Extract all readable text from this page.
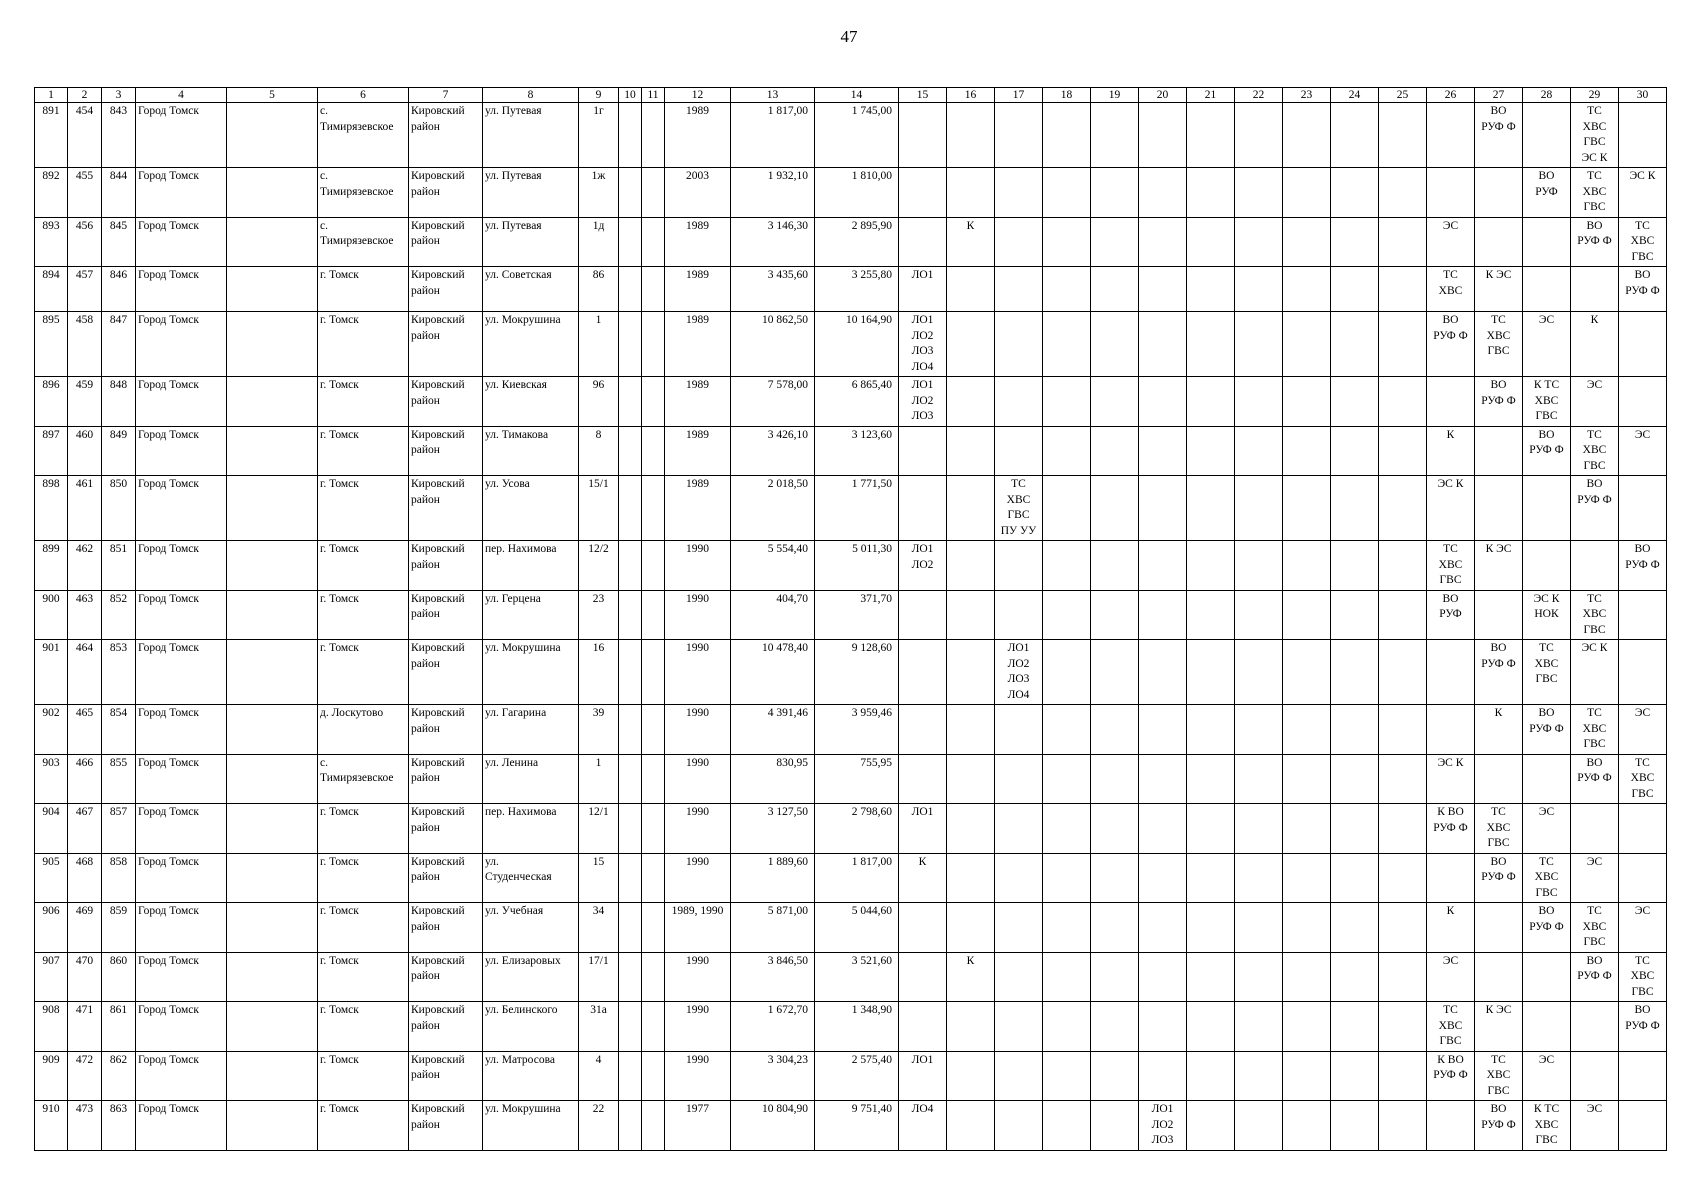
47
1	2	3	4	5	6	7	8	9	10	11	12	13	14	15	16	17	18	19	20	21	22	23	24	25	26	27	28	29	30
891	454	843	Город Томск		с.
Тимирязевское	Кировский
район	ул. Путевая	1г			1989	1 817,00	1 745,00													ВО
РУФ Ф		ТС
ХВС
ГВС
ЭС К	
892	455	844	Город Томск		с.
Тимирязевское	Кировский
район	ул. Путевая	1ж			2003	1 932,10	1 810,00														ВО
РУФ	ТС
ХВС
ГВС	ЭС К
893	456	845	Город Томск		с.
Тимирязевское	Кировский
район	ул. Путевая	1д			1989	3 146,30	2 895,90		К										ЭС			ВО
РУФ Ф	ТС
ХВС
ГВС
894	457	846	Город Томск		г. Томск	Кировский
район	ул. Советская	86			1989	3 435,60	3 255,80	ЛО1											ТС
ХВС	К ЭС			ВО
РУФ Ф
895	458	847	Город Томск		г. Томск	Кировский
район	ул. Мокрушина	1			1989	10 862,50	10 164,90	ЛО1
ЛО2
ЛО3
ЛО4											ВО
РУФ Ф	ТС
ХВС
ГВС	ЭС	К	
896	459	848	Город Томск		г. Томск	Кировский
район	ул. Киевская	96			1989	7 578,00	6 865,40	ЛО1
ЛО2
ЛО3												ВО
РУФ Ф	К ТС
ХВС
ГВС	ЭС	
897	460	849	Город Томск		г. Томск	Кировский
район	ул. Тимакова	8			1989	3 426,10	3 123,60												К		ВО
РУФ Ф	ТС
ХВС
ГВС	ЭС
898	461	850	Город Томск		г. Томск	Кировский
район	ул. Усова	15/1			1989	2 018,50	1 771,50			ТС
ХВС
ГВС
ПУ УУ									ЭС К			ВО
РУФ Ф	
899	462	851	Город Томск		г. Томск	Кировский
район	пер. Нахимова	12/2			1990	5 554,40	5 011,30	ЛО1
ЛО2											ТС
ХВС
ГВС	К ЭС			ВО
РУФ Ф
900	463	852	Город Томск		г. Томск	Кировский
район	ул. Герцена	23			1990	404,70	371,70												ВО
РУФ		ЭС К
НОК	ТС
ХВС
ГВС	
901	464	853	Город Томск		г. Томск	Кировский
район	ул. Мокрушина	16			1990	10 478,40	9 128,60			ЛО1
ЛО2
ЛО3
ЛО4										ВО
РУФ Ф	ТС
ХВС
ГВС	ЭС К	
902	465	854	Город Томск		д. Лоскутово	Кировский
район	ул. Гагарина	39			1990	4 391,46	3 959,46													К	ВО
РУФ Ф	ТС
ХВС
ГВС	ЭС
903	466	855	Город Томск		с.
Тимирязевское	Кировский
район	ул. Ленина	1			1990	830,95	755,95												ЭС К			ВО
РУФ Ф	ТС
ХВС
ГВС
904	467	857	Город Томск		г. Томск	Кировский
район	пер. Нахимова	12/1			1990	3 127,50	2 798,60	ЛО1											К ВО
РУФ Ф	ТС
ХВС
ГВС	ЭС		
905	468	858	Город Томск		г. Томск	Кировский
район	ул.
Студенческая	15			1990	1 889,60	1 817,00	К												ВО
РУФ Ф	ТС
ХВС
ГВС	ЭС	
906	469	859	Город Томск		г. Томск	Кировский
район	ул. Учебная	34			1989, 1990	5 871,00	5 044,60												К		ВО
РУФ Ф	ТС
ХВС
ГВС	ЭС
907	470	860	Город Томск		г. Томск	Кировский
район	ул. Елизаровых	17/1			1990	3 846,50	3 521,60		К										ЭС			ВО
РУФ Ф	ТС
ХВС
ГВС
908	471	861	Город Томск		г. Томск	Кировский
район	ул. Белинского	31а			1990	1 672,70	1 348,90												ТС
ХВС
ГВС	К ЭС			ВО
РУФ Ф
909	472	862	Город Томск		г. Томск	Кировский
район	ул. Матросова	4			1990	3 304,23	2 575,40	ЛО1											К ВО
РУФ Ф	ТС
ХВС
ГВС	ЭС		
910	473	863	Город Томск		г. Томск	Кировский
район	ул. Мокрушина	22			1977	10 804,90	9 751,40	ЛО4					ЛО1
ЛО2
ЛО3							ВО
РУФ Ф	К ТС
ХВС
ГВС	ЭС	
